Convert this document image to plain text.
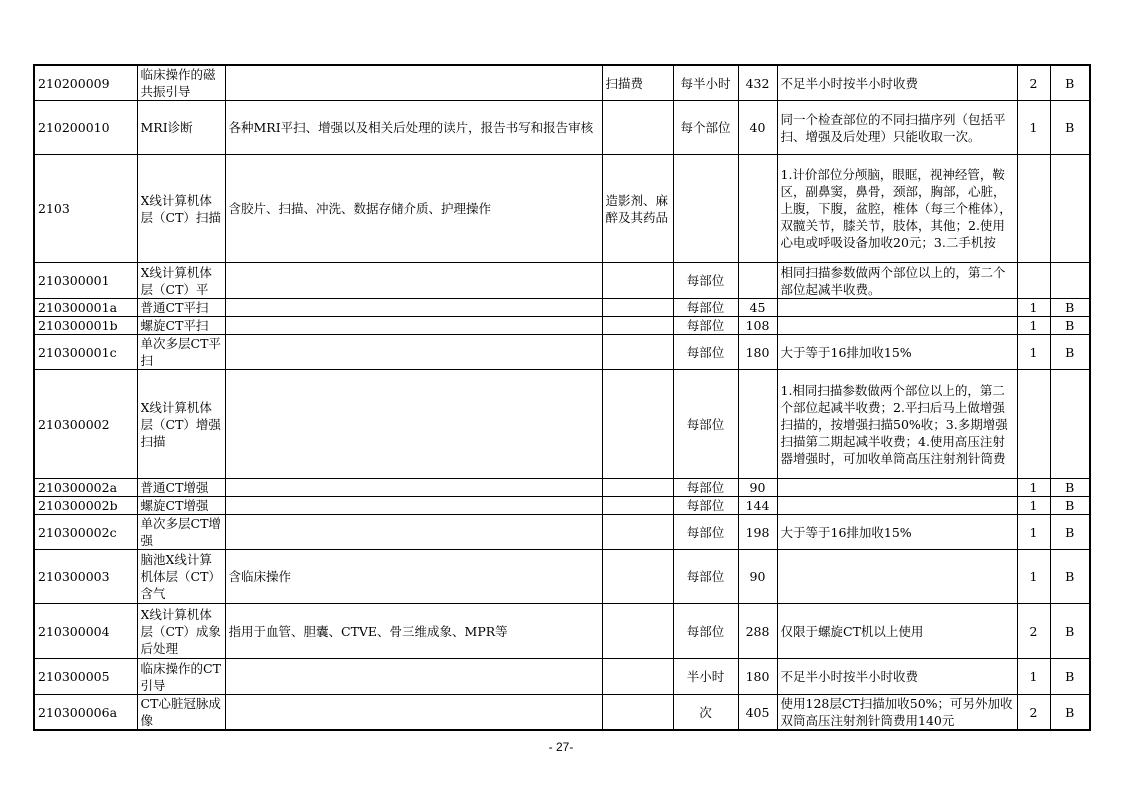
210200009	临床操作的磁共振引导		扫描费	每半小时	432	不足半小时按半小时收费	2	B

210200010	MRI诊断	各种MRI平扫、增强以及相关后处理的读片，报告书写和报告审核		每个部位	40	同一个检查部位的不同扫描序列（包括平扫、增强及后处理）只能收取一次。	1	B

2103	X线计算机体层（CT）扫描	含胶片、扫描、冲洗、数据存储介质、护理操作	造影剂、麻醉及其药品			1.计价部位分颅脑，眼眶，视神经管，鞍区，副鼻窦，鼻骨，颈部，胸部，心脏，上腹，下腹，盆腔，椎体（每三个椎体），双髋关节，膝关节，肢体，其他；2.使用心电或呼吸设备加收20元；3.二手机按		

210300001	X线计算机体层（CT）平			每部位		相同扫描参数做两个部位以上的，第二个部位起减半收费。		

210300001a	普通CT平扫			每部位	45		1	B

210300001b	螺旋CT平扫			每部位	108		1	B

210300001c	单次多层CT平扫			每部位	180	大于等于16排加收15%	1	B

210300002	X线计算机体层（CT）增强扫描			每部位		1.相同扫描参数做两个部位以上的，第二个部位起减半收费；2.平扫后马上做增强扫描的，按增强扫描50%收；3.多期增强扫描第二期起减半收费；4.使用高压注射器增强时，可加收单筒高压注射剂针筒费		

210300002a	普通CT增强			每部位	90		1	B

210300002b	螺旋CT增强			每部位	144		1	B

210300002c	单次多层CT增强			每部位	198	大于等于16排加收15%	1	B

210300003	脑池X线计算机体层（CT）含气	含临床操作		每部位	90		1	B

210300004	X线计算机体层（CT）成象后处理	指用于血管、胆囊、CTVE、骨三维成象、MPR等		每部位	288	仅限于螺旋CT机以上使用	2	B

210300005	临床操作的CT引导			半小时	180	不足半小时按半小时收费	1	B

210300006a	CT心脏冠脉成像			次	405	使用128层CT扫描加收50%；可另外加收双筒高压注射剂针筒费用140元	2	B
- 27-
